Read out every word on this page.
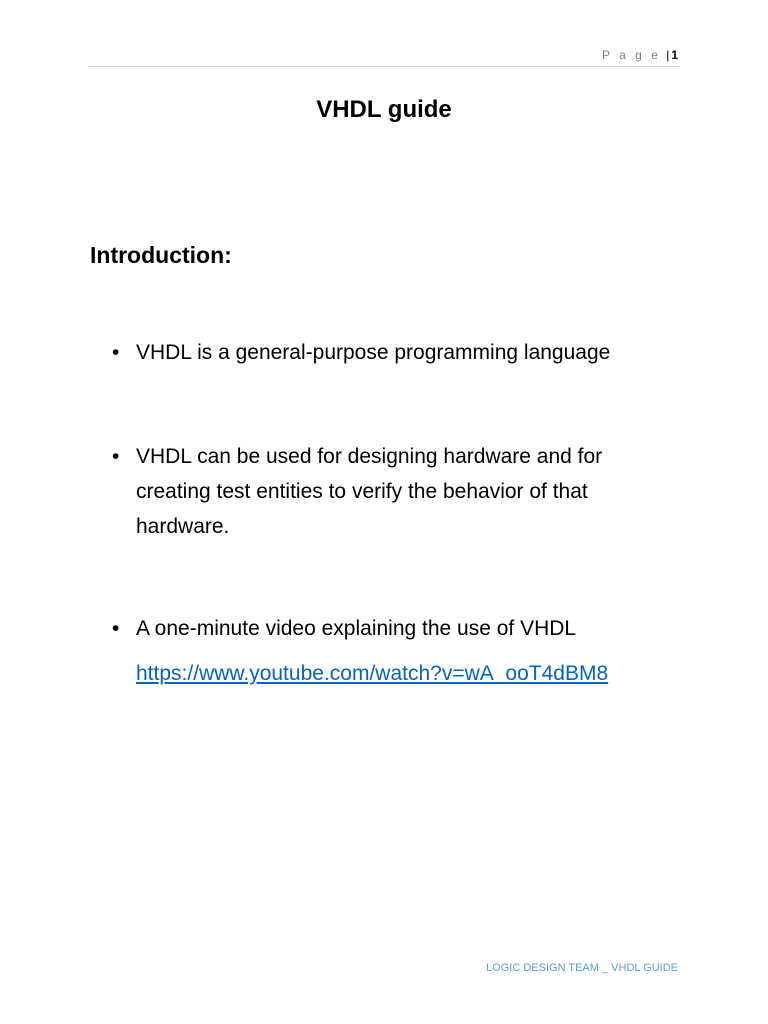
P a g e | 1
VHDL guide
Introduction:
• VHDL is a general-purpose programming language
• VHDL can be used for designing hardware and for creating test entities to verify the behavior of that hardware.
• A one-minute video explaining the use of VHDL
https://www.youtube.com/watch?v=wA_ooT4dBM8
LOGIC DESIGN TEAM _ VHDL GUIDE
